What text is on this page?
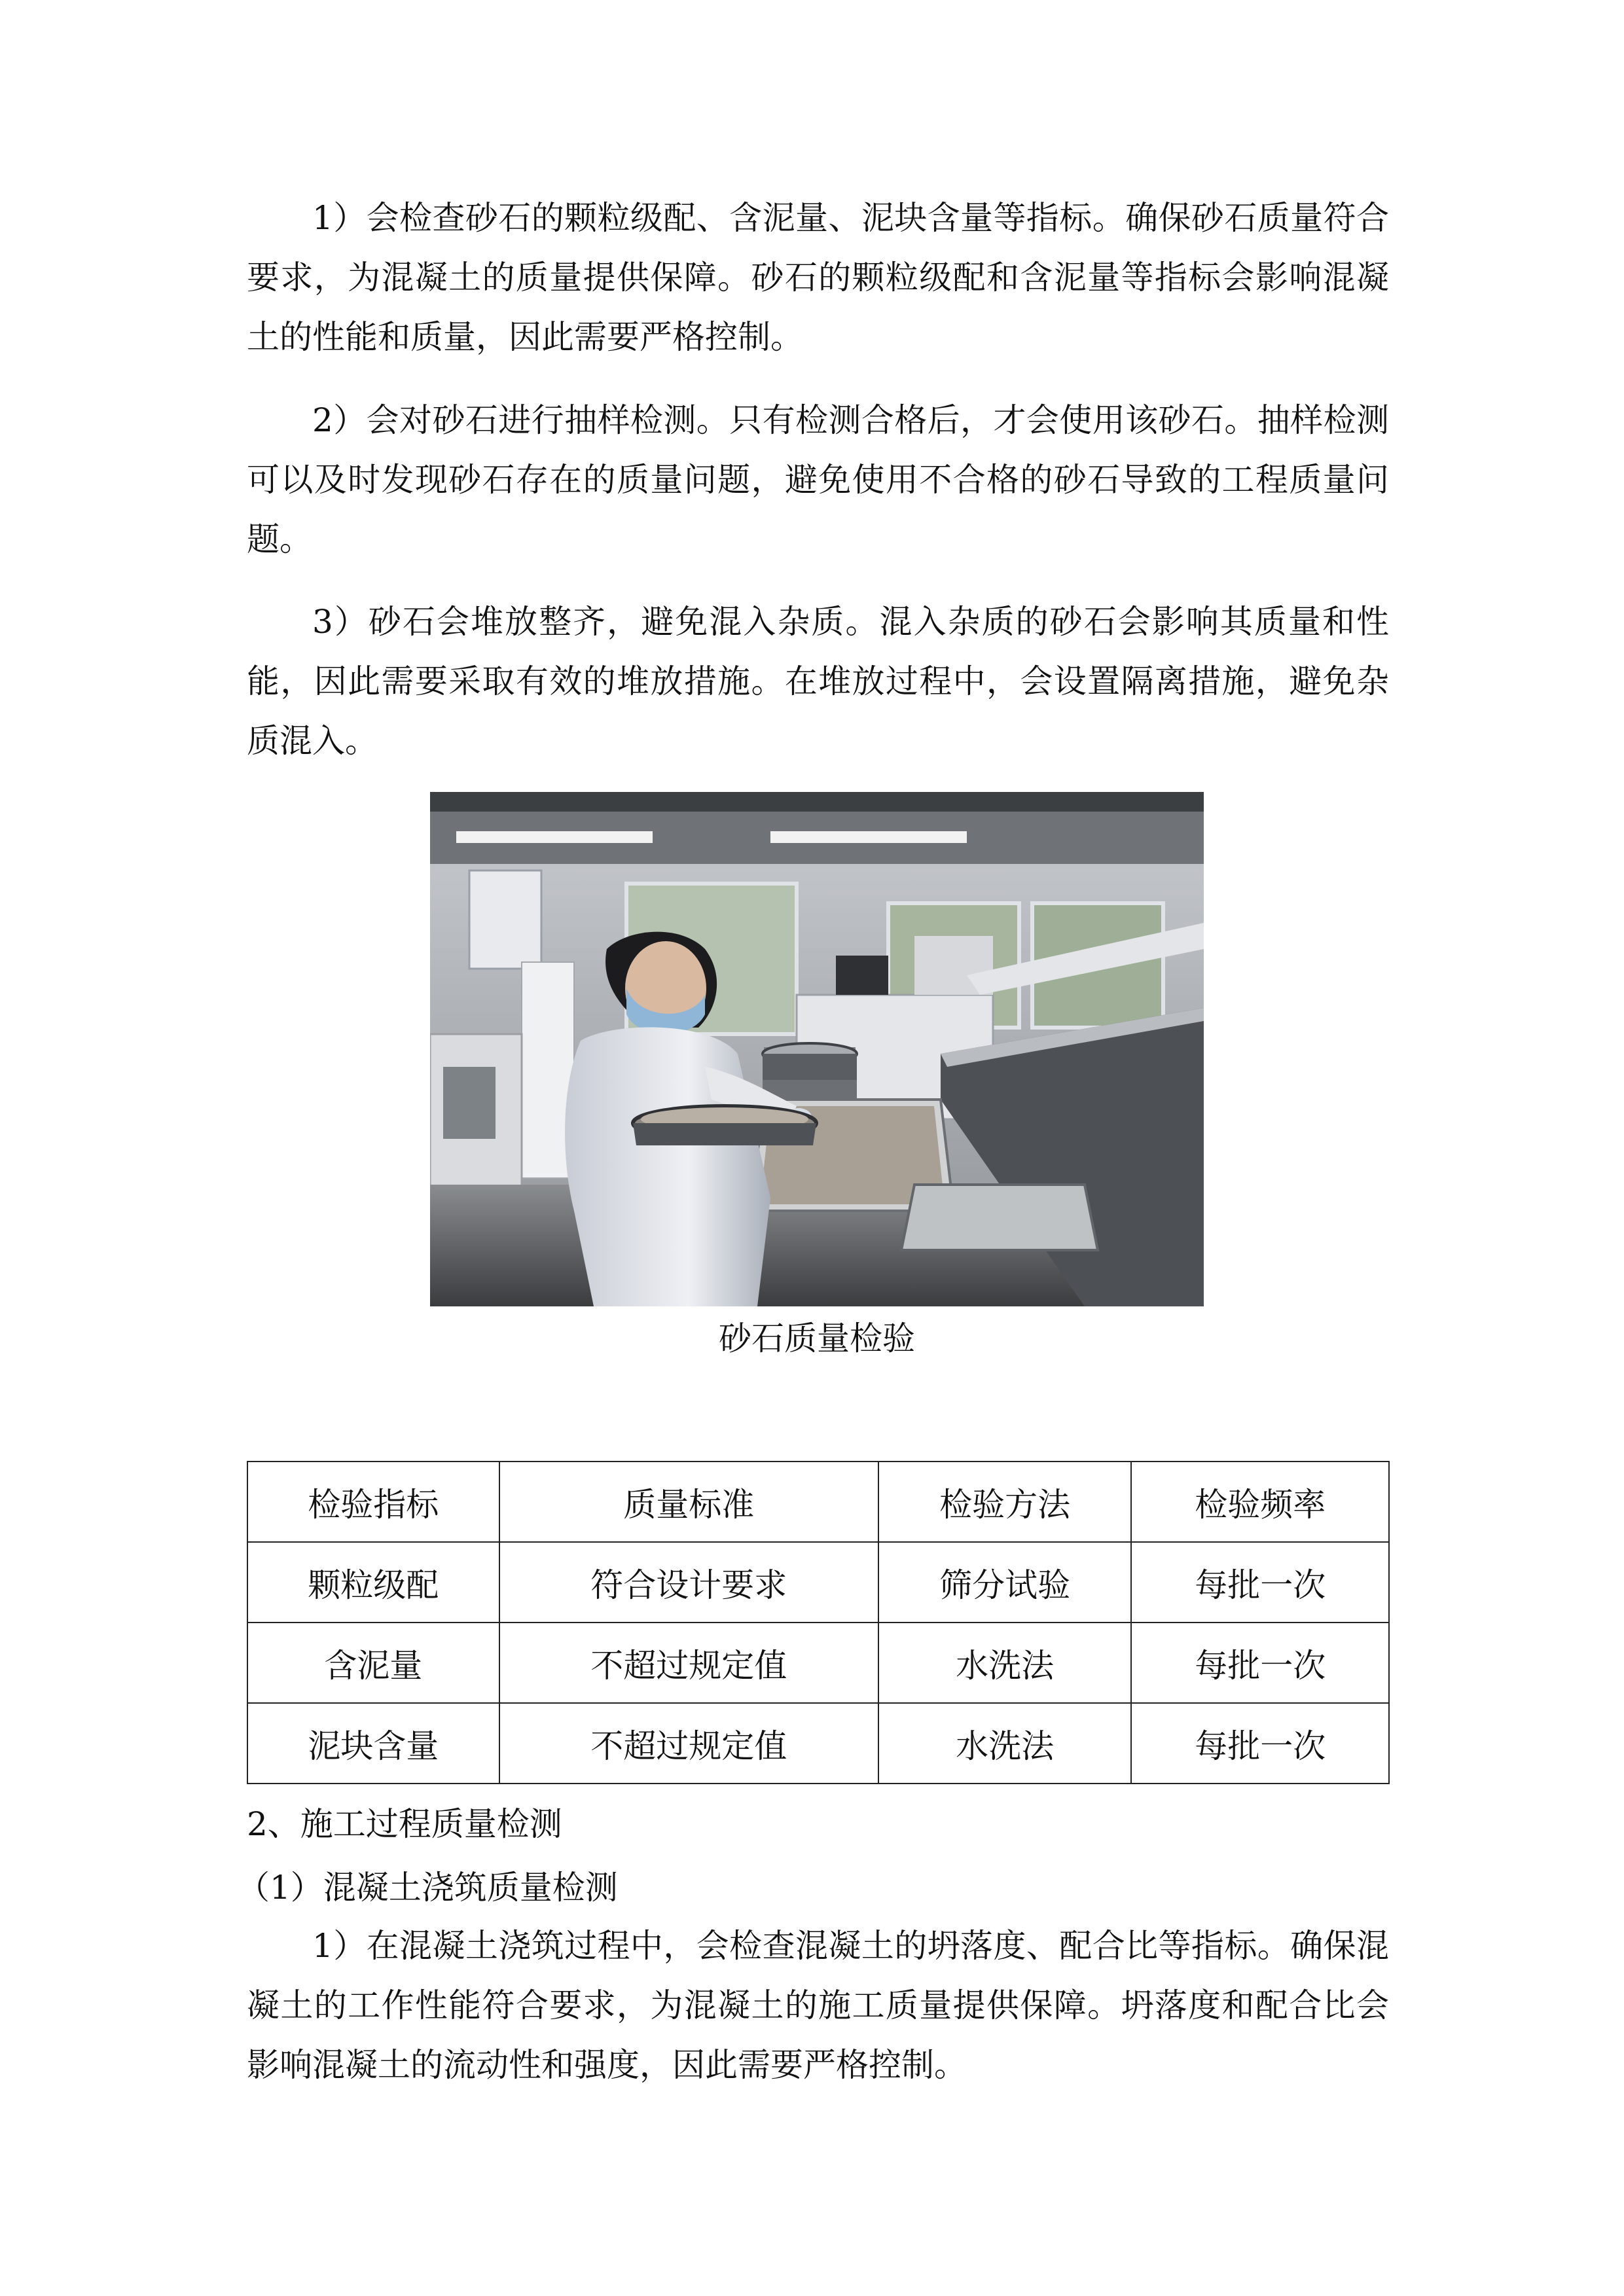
1）会检查砂石的颗粒级配、含泥量、泥块含量等指标。确保砂石质量符合要求，为混凝土的质量提供保障。砂石的颗粒级配和含泥量等指标会影响混凝土的性能和质量，因此需要严格控制。

2）会对砂石进行抽样检测。只有检测合格后，才会使用该砂石。抽样检测可以及时发现砂石存在的质量问题，避免使用不合格的砂石导致的工程质量问题。

3）砂石会堆放整齐，避免混入杂质。混入杂质的砂石会影响其质量和性能，因此需要采取有效的堆放措施。在堆放过程中，会设置隔离措施，避免杂质混入。

砂石质量检验
检验指标	质量标准	检验方法	检验频率
颗粒级配	符合设计要求	筛分试验	每批一次
含泥量	不超过规定值	水洗法	每批一次
泥块含量	不超过规定值	水洗法	每批一次

2、施工过程质量检测

（1）混凝土浇筑质量检测

1）在混凝土浇筑过程中，会检查混凝土的坍落度、配合比等指标。确保混凝土的工作性能符合要求，为混凝土的施工质量提供保障。坍落度和配合比会影响混凝土的流动性和强度，因此需要严格控制。
